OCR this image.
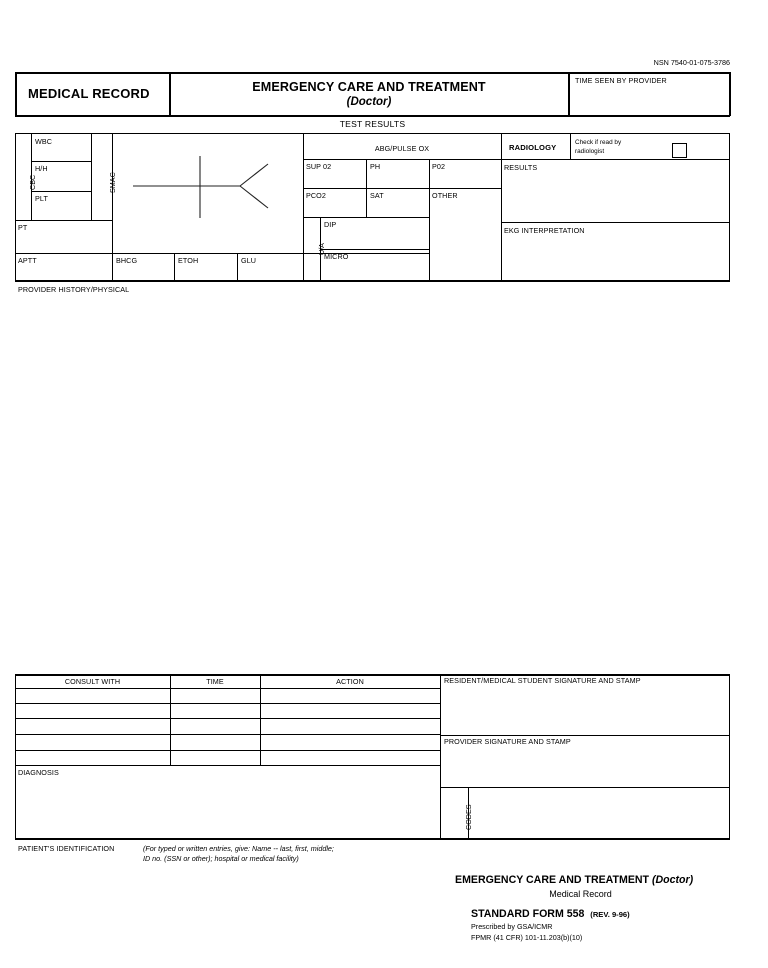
NSN 7540-01-075-3786
MEDICAL RECORD	EMERGENCY CARE AND TREATMENT
(Doctor)
TIME SEEN BY PROVIDER
TEST RESULTS
CBC
WBC
H/H
PLT
SMAC
PT
APTT	BHCG	ETOH	GLU
ABG/PULSE OX
SUP 02	PH	P02
PCO2	SAT	OTHER
U/A
DIP
MICRO
RADIOLOGY
Check if read by
radiologist
RESULTS
EKG INTERPRETATION
PROVIDER HISTORY/PHYSICAL
CONSULT WITH	TIME	ACTION
DIAGNOSIS
RESIDENT/MEDICAL STUDENT SIGNATURE AND STAMP
PROVIDER SIGNATURE AND STAMP
CODES
PATIENT'S IDENTIFICATION	(For typed or written entries, give: Name -- last, first, middle;
ID no. (SSN or other); hospital or medical facility)
EMERGENCY CARE AND TREATMENT (Doctor)
Medical Record
STANDARD FORM 558 (REV. 9-96)
Prescribed by GSA/ICMR
FPMR (41 CFR) 101-11.203(b)(10)
